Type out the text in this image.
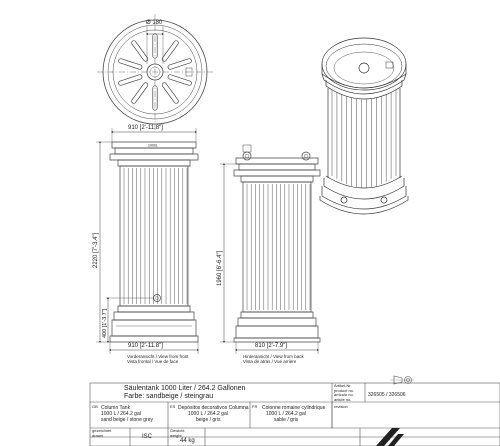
Ø 180
910 [2'-11.8"]
1000L
910 [2'-11.8"]
2220 [7'-3.4"]
400 [1'-3.7"]
Vorderansicht / View from front
Vista frontal / Vue de face
1960 [6'-6.4"]
810 [2'-7.9"]
Hinteransicht / View from back
Vista de atrás / Vue arrière
Säulentank 1000 Liter / 264.2 Gallonen
Farbe: sandbeige / steingrau
Artikel-Nr.
product no.
artículo no.
article no.
326505 / 326506
revision
GB Column Tank
1000 L / 264.2 gal
sand beige / stone grey
ES Depósitos decorativos Columna
1000 L / 264.2 gal
beige / gris
FR Colonne romaine cylindrique
1000 L / 264.2 gal
sable / gris
gezeichnet
drawn	ISC
Gewicht
weight
44 kg
